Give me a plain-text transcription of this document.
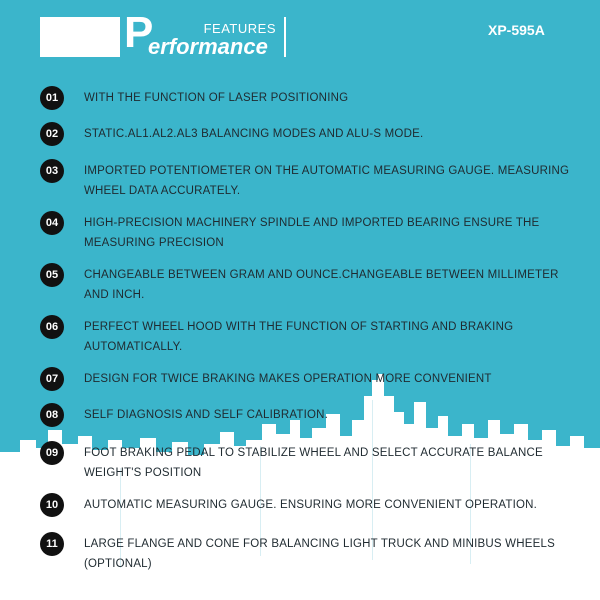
P	FEATURES
erformance
XP-595A
01	WITH THE FUNCTION OF LASER POSITIONING
02	STATIC.AL1.AL2.AL3 BALANCING MODES AND ALU-S MODE.
03	IMPORTED POTENTIOMETER ON THE AUTOMATIC MEASURING GAUGE. MEASURING WHEEL DATA ACCURATELY.
04	HIGH-PRECISION MACHINERY SPINDLE AND IMPORTED BEARING ENSURE THE MEASURING PRECISION
05	CHANGEABLE BETWEEN GRAM AND OUNCE.CHANGEABLE BETWEEN MILLIMETER AND INCH.
06	PERFECT WHEEL HOOD WITH THE FUNCTION OF STARTING AND BRAKING AUTOMATICALLY.
07	DESIGN FOR TWICE BRAKING MAKES OPERATION MORE CONVENIENT
08	SELF DIAGNOSIS AND SELF CALIBRATION.
09	FOOT BRAKING PEDAL TO STABILIZE WHEEL AND SELECT ACCURATE BALANCE WEIGHT'S POSITION
10	AUTOMATIC MEASURING GAUGE. ENSURING MORE CONVENIENT OPERATION.
11	LARGE FLANGE AND CONE FOR BALANCING LIGHT TRUCK AND MINIBUS WHEELS (OPTIONAL)
